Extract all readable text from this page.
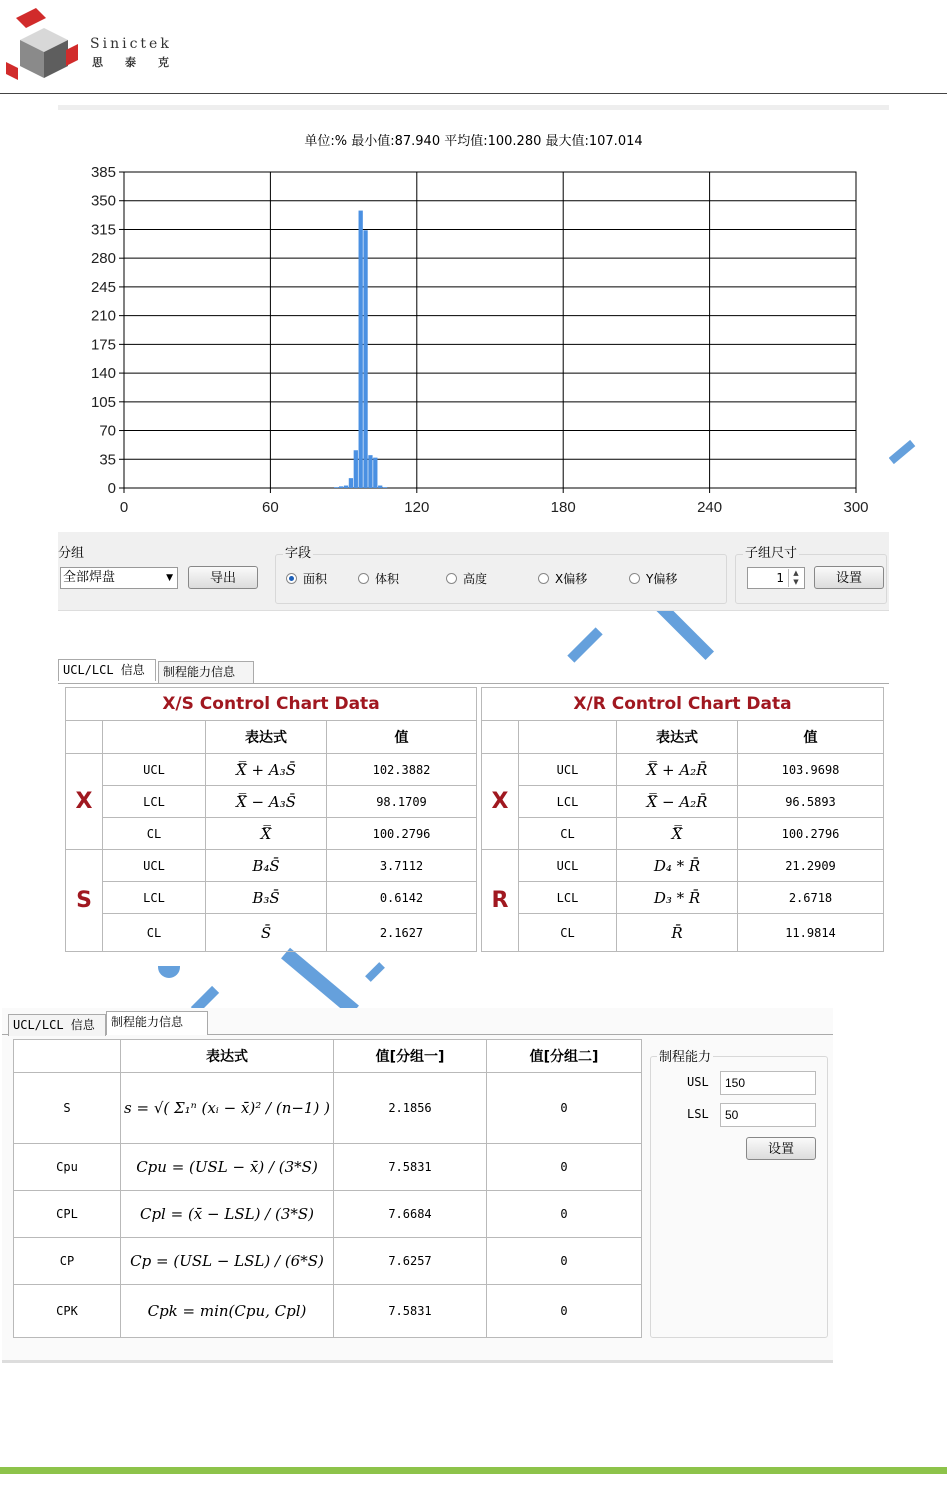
Sinictek
思泰克
单位:% 最小值:87.940 平均值:100.280 最大值:107.014
385
350
315
280
245
210
175
140
105
70
35
0
0	60	120	180	240	300
分组
全部焊盘	▼	导出
字段
面积	体积	高度	X偏移	Y偏移
子组尺寸
1	▲
▼	设置
UCL/LCL 信息	制程能力信息
X/S Control Chart Data			
		表达式	值
X	UCL	X̿ + A₃S̄	102.3882
	LCL	X̿ − A₃S̄	98.1709
	CL	X̿	100.2796
S	UCL	B₄S̄	3.7112
	LCL	B₃S̄	0.6142
	CL	S̄	2.1627
X/R Control Chart Data			
		表达式	值
X	UCL	X̿ + A₂R̄	103.9698
	LCL	X̿ − A₂R̄	96.5893
	CL	X̿	100.2796
R	UCL	D₄ * R̄	21.2909
	LCL	D₃ * R̄	2.6718
	CL	R̄	11.9814
UCL/LCL 信息	制程能力信息
	表达式	值[分组一]	值[分组二]
S	s = √( Σ₁ⁿ (xᵢ − x̄)² / (n−1) )	2.1856	0
Cpu	Cpu = (USL − x̄) / (3*S)	7.5831	0
CPL	Cpl = (x̄ − LSL) / (3*S)	7.6684	0
CP	Cp = (USL − LSL) / (6*S)	7.6257	0
CPK	Cpk = min(Cpu, Cpl)	7.5831	0
制程能力
USL
150
LSL
50
设置
